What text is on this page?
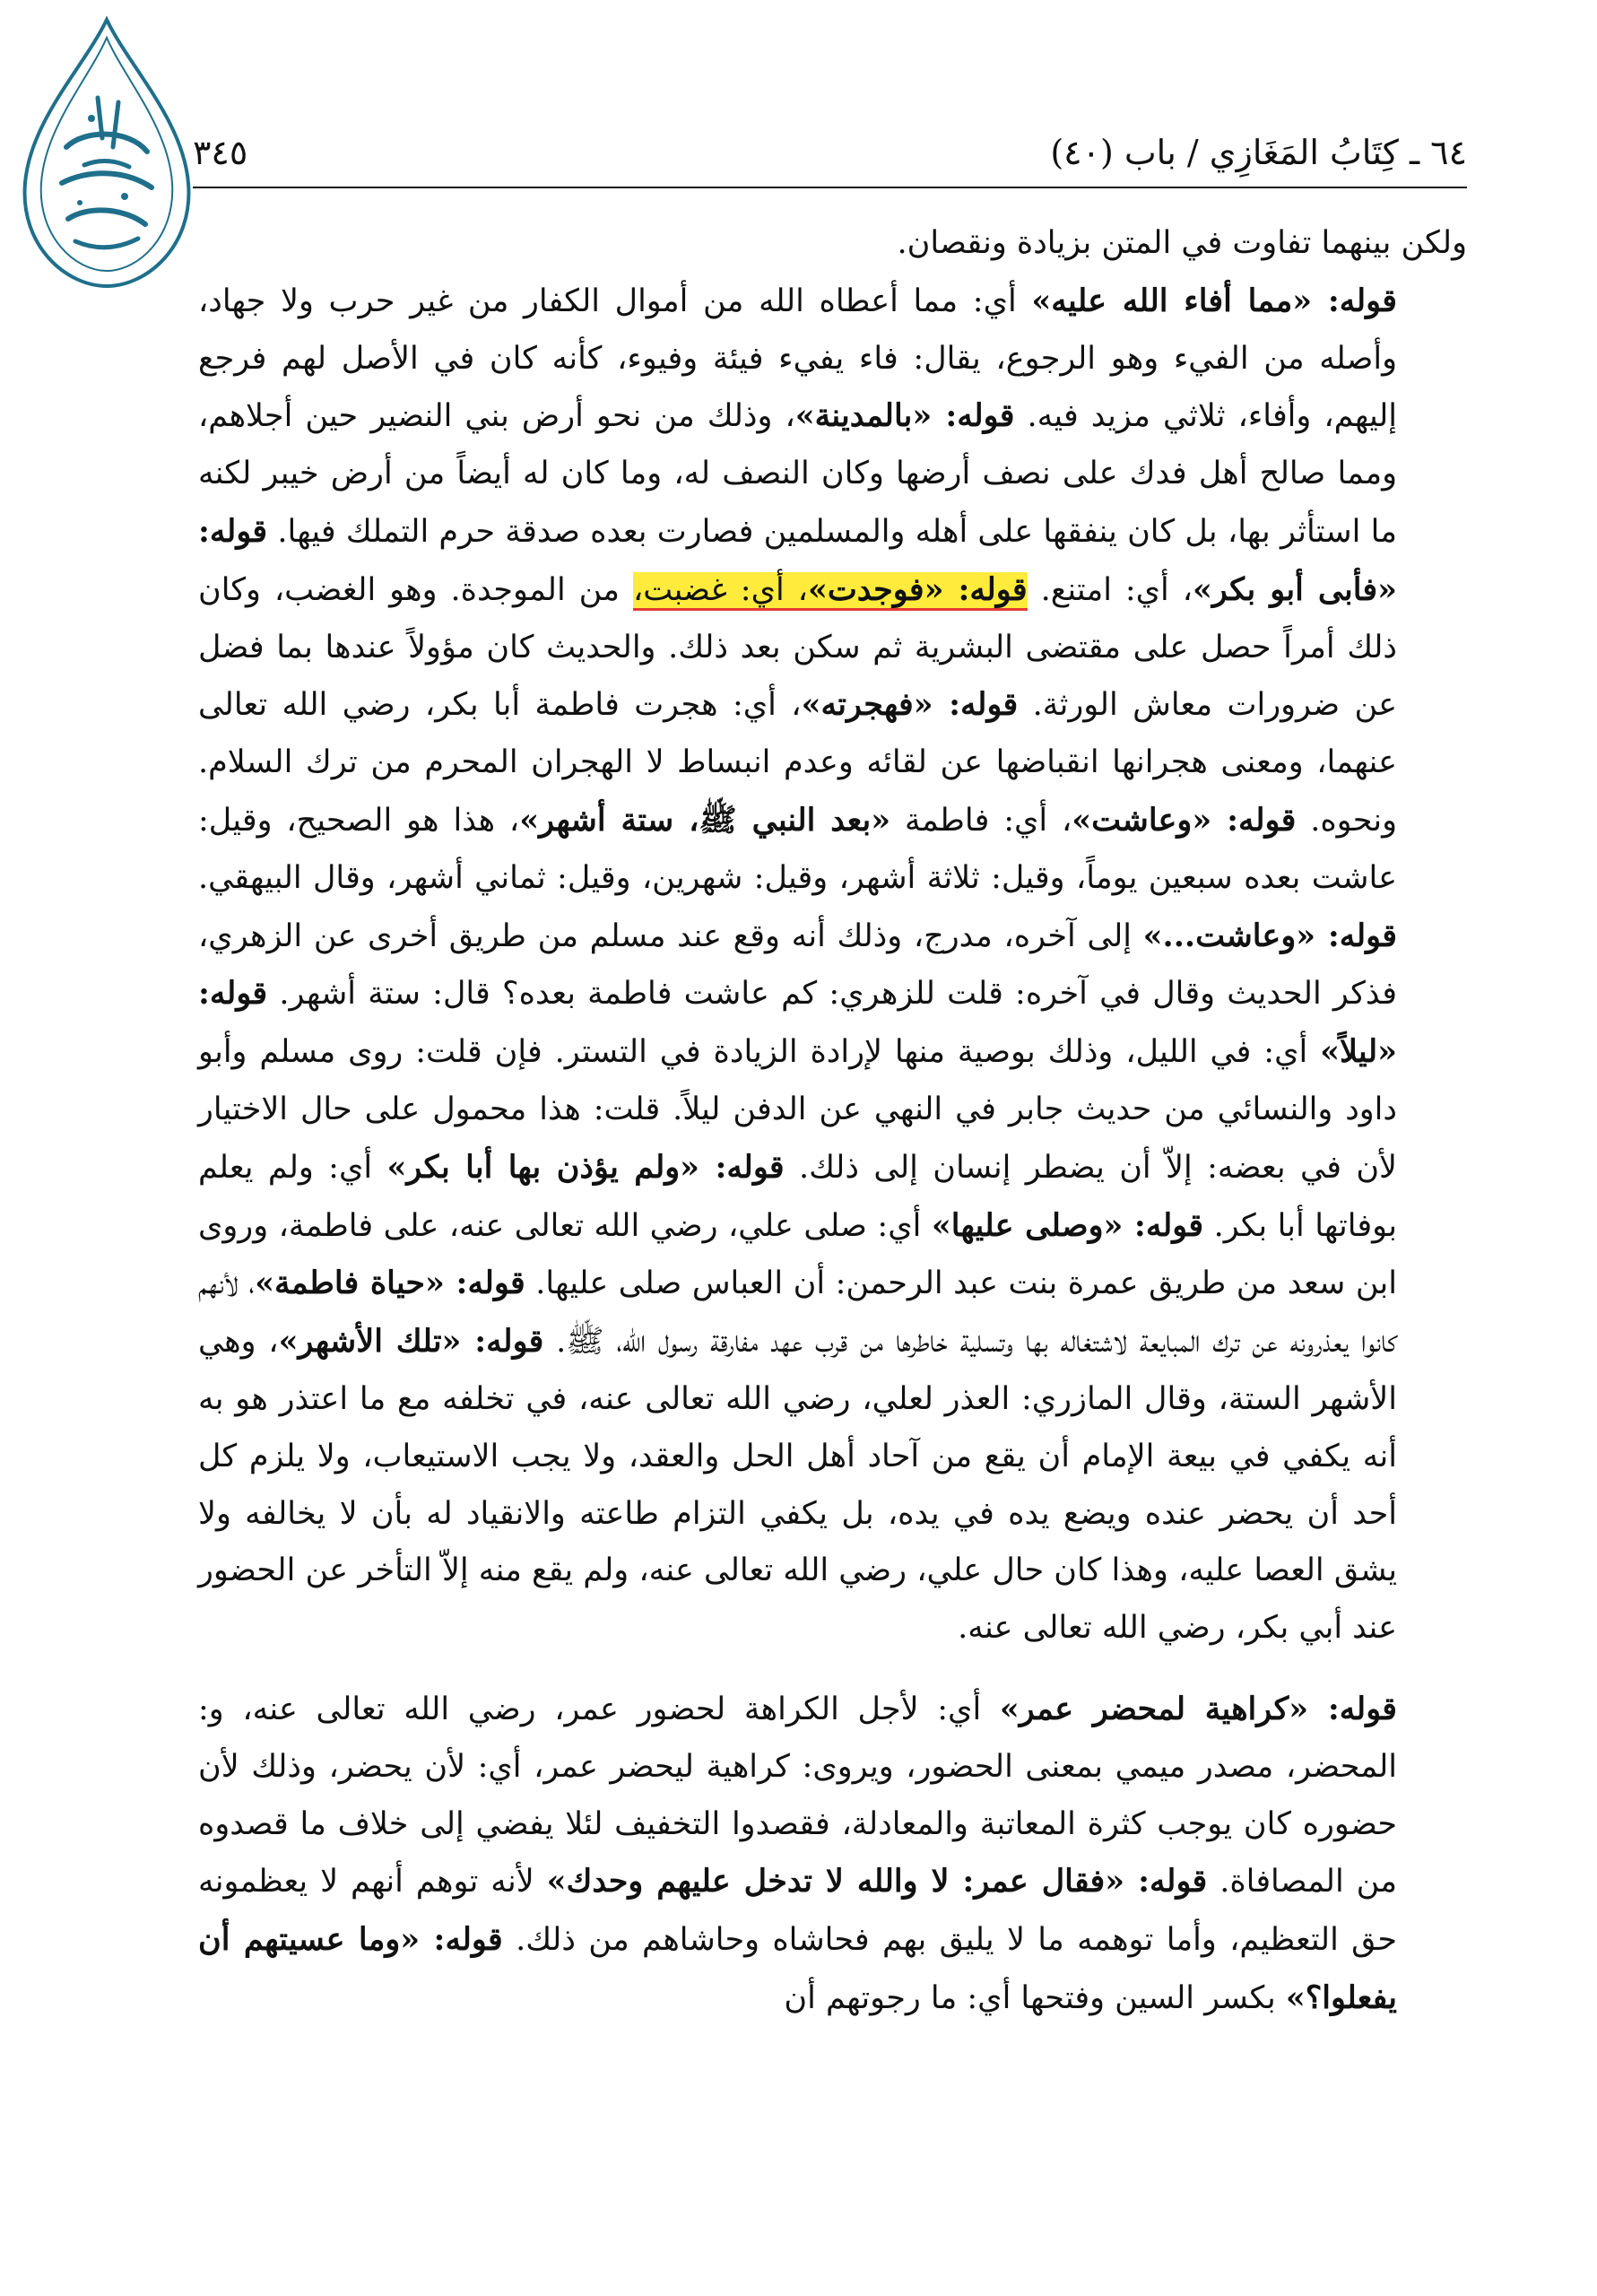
٦٤ ـ كِتَابُ المَغَازِي / باب (٤٠)
٣٤٥

ولكن بينهما تفاوت في المتن بزيادة ونقصان.

قوله: «مما أفاء الله عليه» أي: مما أعطاه الله من أموال الكفار من غير حرب ولا جهاد، وأصله من الفيء وهو الرجوع، يقال: فاء يفيء فيئة وفيوء، كأنه كان في الأصل لهم فرجع إليهم، وأفاء، ثلاثي مزيد فيه. قوله: «بالمدينة»، وذلك من نحو أرض بني النضير حين أجلاهم، ومما صالح أهل فدك على نصف أرضها وكان النصف له، وما كان له أيضاً من أرض خيبر لكنه ما استأثر بها، بل كان ينفقها على أهله والمسلمين فصارت بعده صدقة حرم التملك فيها. قوله: «فأبى أبو بكر»، أي: امتنع. قوله: «فوجدت»، أي: غضبت، من الموجدة. وهو الغضب، وكان ذلك أمراً حصل على مقتضى البشرية ثم سكن بعد ذلك. والحديث كان مؤولاً عندها بما فضل عن ضرورات معاش الورثة. قوله: «فهجرته»، أي: هجرت فاطمة أبا بكر، رضي الله تعالى عنهما، ومعنى هجرانها انقباضها عن لقائه وعدم انبساط لا الهجران المحرم من ترك السلام. ونحوه. قوله: «وعاشت»، أي: فاطمة «بعد النبي ﷺ، ستة أشهر»، هذا هو الصحيح، وقيل: عاشت بعده سبعين يوماً، وقيل: ثلاثة أشهر، وقيل: شهرين، وقيل: ثماني أشهر، وقال البيهقي. قوله: «وعاشت...» إلى آخره، مدرج، وذلك أنه وقع عند مسلم من طريق أخرى عن الزهري، فذكر الحديث وقال في آخره: قلت للزهري: كم عاشت فاطمة بعده؟ قال: ستة أشهر. قوله: «ليلاً» أي: في الليل، وذلك بوصية منها لإرادة الزيادة في التستر. فإن قلت: روى مسلم وأبو داود والنسائي من حديث جابر في النهي عن الدفن ليلاً. قلت: هذا محمول على حال الاختيار لأن في بعضه: إلاّ أن يضطر إنسان إلى ذلك. قوله: «ولم يؤذن بها أبا بكر» أي: ولم يعلم بوفاتها أبا بكر. قوله: «وصلى عليها» أي: صلى علي، رضي الله تعالى عنه، على فاطمة، وروى ابن سعد من طريق عمرة بنت عبد الرحمن: أن العباس صلى عليها. قوله: «حياة فاطمة»، لأنهم كانوا يعذرونه عن ترك المبايعة لاشتغاله بها وتسلية خاطرها من قرب عهد مفارقة رسول الله، ﷺ. قوله: «تلك الأشهر»، وهي الأشهر الستة، وقال المازري: العذر لعلي، رضي الله تعالى عنه، في تخلفه مع ما اعتذر هو به أنه يكفي في بيعة الإمام أن يقع من آحاد أهل الحل والعقد، ولا يجب الاستيعاب، ولا يلزم كل أحد أن يحضر عنده ويضع يده في يده، بل يكفي التزام طاعته والانقياد له بأن لا يخالفه ولا يشق العصا عليه، وهذا كان حال علي، رضي الله تعالى عنه، ولم يقع منه إلاّ التأخر عن الحضور عند أبي بكر، رضي الله تعالى عنه.

قوله: «كراهية لمحضر عمر» أي: لأجل الكراهة لحضور عمر، رضي الله تعالى عنه، و: المحضر، مصدر ميمي بمعنى الحضور، ويروى: كراهية ليحضر عمر، أي: لأن يحضر، وذلك لأن حضوره كان يوجب كثرة المعاتبة والمعادلة، فقصدوا التخفيف لئلا يفضي إلى خلاف ما قصدوه من المصافاة. قوله: «فقال عمر: لا والله لا تدخل عليهم وحدك» لأنه توهم أنهم لا يعظمونه حق التعظيم، وأما توهمه ما لا يليق بهم فحاشاه وحاشاهم من ذلك. قوله: «وما عسيتهم أن يفعلوا؟» بكسر السين وفتحها أي: ما رجوتهم أن
